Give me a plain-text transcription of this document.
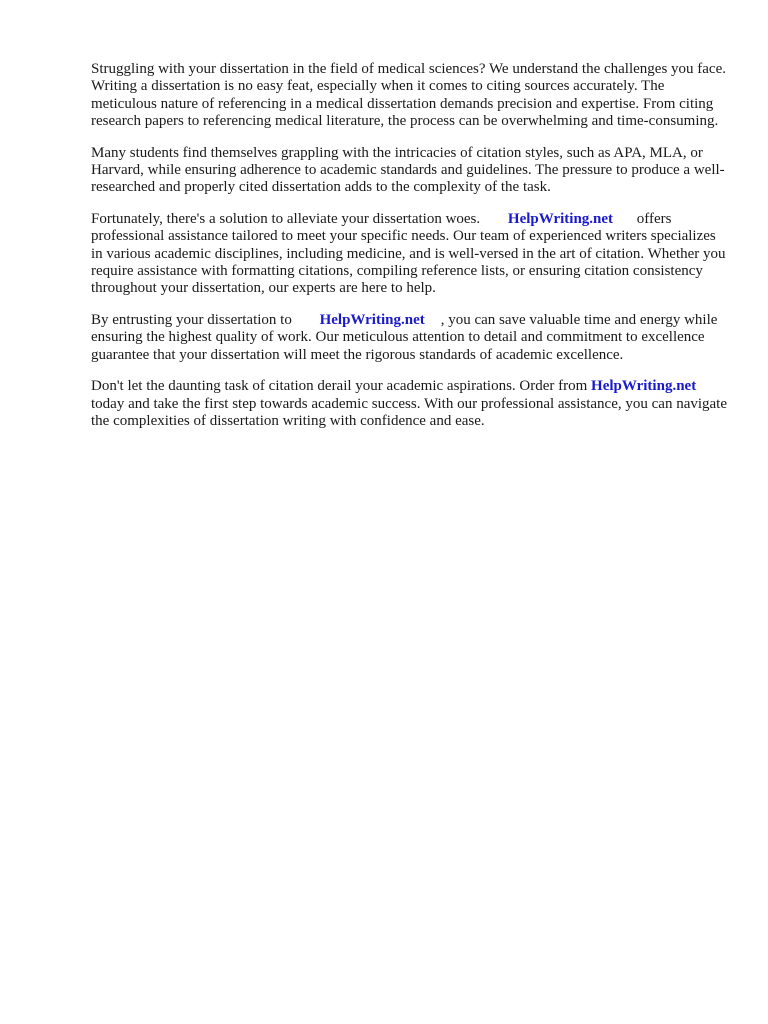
Struggling with your dissertation in the field of medical sciences? We understand the challenges you face. Writing a dissertation is no easy feat, especially when it comes to citing sources accurately. The meticulous nature of referencing in a medical dissertation demands precision and expertise. From citing research papers to referencing medical literature, the process can be overwhelming and time-consuming.

Many students find themselves grappling with the intricacies of citation styles, such as APA, MLA, or Harvard, while ensuring adherence to academic standards and guidelines. The pressure to produce a well-researched and properly cited dissertation adds to the complexity of the task.

Fortunately, there's a solution to alleviate your dissertation woes. HelpWriting.net offers professional assistance tailored to meet your specific needs. Our team of experienced writers specializes in various academic disciplines, including medicine, and is well-versed in the art of citation. Whether you require assistance with formatting citations, compiling reference lists, or ensuring citation consistency throughout your dissertation, our experts are here to help.

By entrusting your dissertation to HelpWriting.net , you can save valuable time and energy while ensuring the highest quality of work. Our meticulous attention to detail and commitment to excellence guarantee that your dissertation will meet the rigorous standards of academic excellence.

Don't let the daunting task of citation derail your academic aspirations. Order from HelpWriting.net today and take the first step towards academic success. With our professional assistance, you can navigate the complexities of dissertation writing with confidence and ease.
